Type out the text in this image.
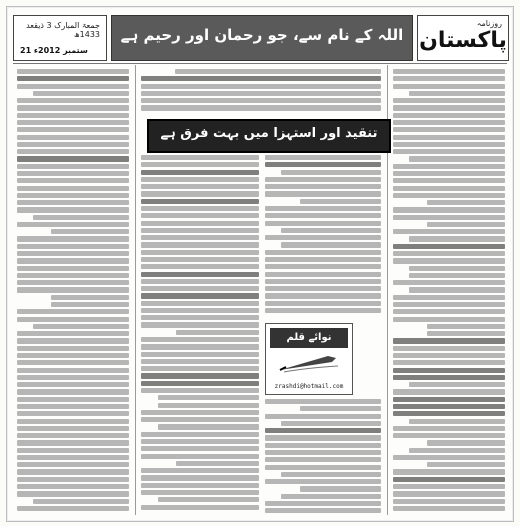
جمعۃ المبارک 3 ذیقعد 1433ھ
21 ستمبر 2012ء
اللہ کے نام سے، جو رحمان اور رحیم ہے
روزنامہ
پاکستان
تنقید اور استہزا میں بہت فرق ہے
نوائے قلم
zrashdi@hotmail.com
